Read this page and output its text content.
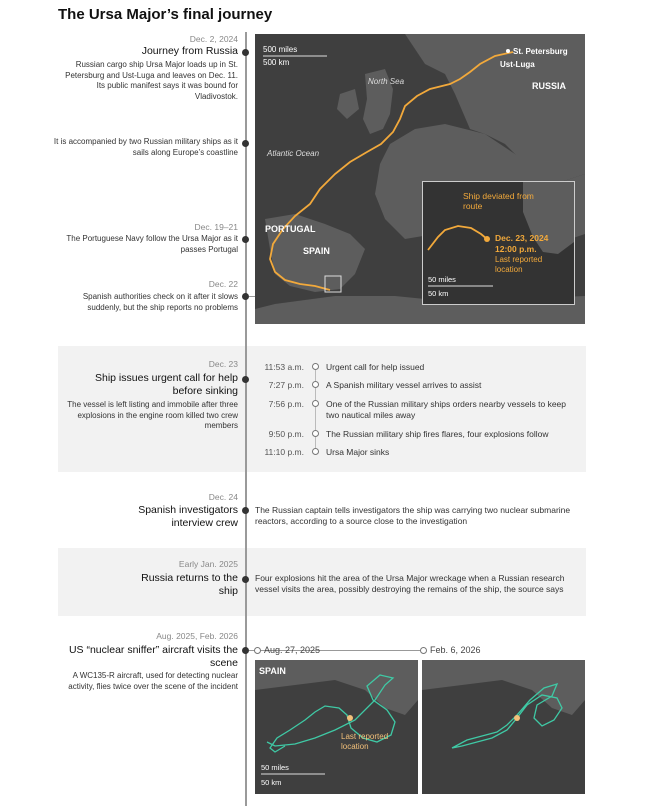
The Ursa Major’s final journey
Dec. 2, 2024
Journey from Russia
Russian cargo ship Ursa Major loads up in St. Petersburg and Ust-Luga and leaves on Dec. 11. Its public manifest says it was bound for Vladivostok.
It is accompanied by two Russian military ships as it sails along Europe’s coastline
Dec. 19–21
The Portuguese Navy follow the Ursa Major as it passes Portugal
Dec. 22
Spanish authorities check on it after it slows suddenly, but the ship reports no problems
Dec. 23
Ship issues urgent call for help before sinking
The vessel is left listing and immobile after three explosions in the engine room killed two crew members
11:53 a.m.	Urgent call for help issued
7:27 p.m.	A Spanish military vessel arrives to assist
7:56 p.m.	One of the Russian military ships orders nearby vessels to keep two nautical miles away
9:50 p.m.	The Russian military ship fires flares, four explosions follow
11:10 p.m.	Ursa Major sinks
Dec. 24
Spanish investigators interview crew
The Russian captain tells investigators the ship was carrying two nuclear submarine reactors, according to a source close to the investigation
Early Jan. 2025
Russia returns to the ship
Four explosions hit the area of the Ursa Major wreckage when a Russian research vessel visits the area, possibly destroying the remains of the ship, the source says
Aug. 2025, Feb. 2026
US “nuclear sniffer” aircraft visits the scene
A WC135-R aircraft, used for detecting nuclear activity, flies twice over the scene of the incident
Aug. 27, 2025	Feb. 6, 2026
500 miles
500 km
St. Petersburg
Ust-Luga
RUSSIA
North Sea
Atlantic Ocean
PORTUGAL
SPAIN
50 miles
50 km
Ship deviated from route
Dec. 23, 2024
12:00 p.m.
Last reported location
50 miles
50 km
SPAIN
Last reported location
